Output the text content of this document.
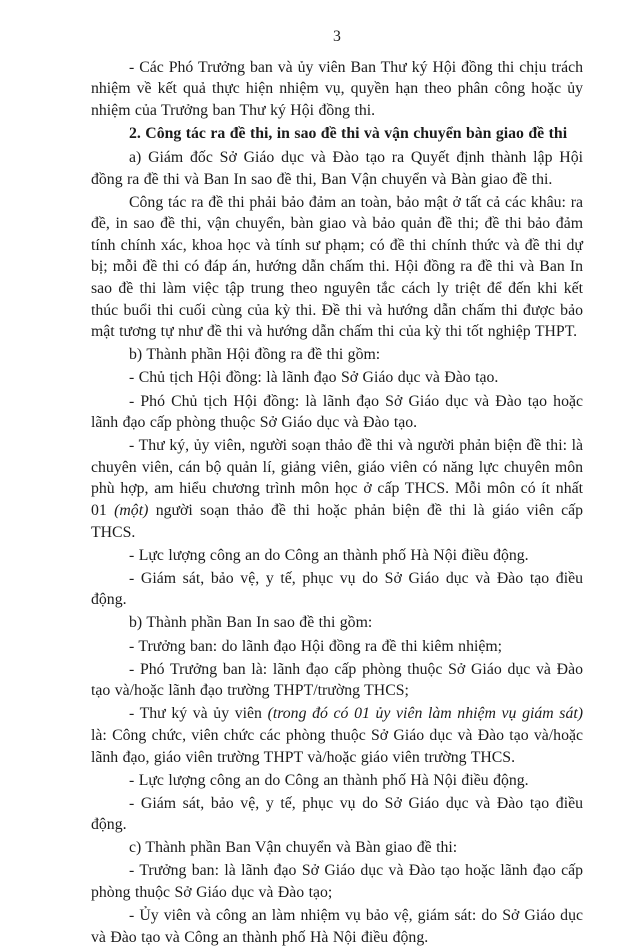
3

- Các Phó Trưởng ban và ủy viên Ban Thư ký Hội đồng thi chịu trách nhiệm về kết quả thực hiện nhiệm vụ, quyền hạn theo phân công hoặc ủy nhiệm của Trưởng ban Thư ký Hội đồng thi.

2. Công tác ra đề thi, in sao đề thi và vận chuyển bàn giao đề thi

a) Giám đốc Sở Giáo dục và Đào tạo ra Quyết định thành lập Hội đồng ra đề thi và Ban In sao đề thi, Ban Vận chuyển và Bàn giao đề thi.

Công tác ra đề thi phải bảo đảm an toàn, bảo mật ở tất cả các khâu: ra đề, in sao đề thi, vận chuyển, bàn giao và bảo quản đề thi; đề thi bảo đảm tính chính xác, khoa học và tính sư phạm; có đề thi chính thức và đề thi dự bị; mỗi đề thi có đáp án, hướng dẫn chấm thi. Hội đồng ra đề thi và Ban In sao đề thi làm việc tập trung theo nguyên tắc cách ly triệt để đến khi kết thúc buổi thi cuối cùng của kỳ thi. Đề thi và hướng dẫn chấm thi được bảo mật tương tự như đề thi và hướng dẫn chấm thi của kỳ thi tốt nghiệp THPT.

b) Thành phần Hội đồng ra đề thi gồm:

- Chủ tịch Hội đồng: là lãnh đạo Sở Giáo dục và Đào tạo.

- Phó Chủ tịch Hội đồng: là lãnh đạo Sở Giáo dục và Đào tạo hoặc lãnh đạo cấp phòng thuộc Sở Giáo dục và Đào tạo.

- Thư ký, ủy viên, người soạn thảo đề thi và người phản biện đề thi: là chuyên viên, cán bộ quản lí, giảng viên, giáo viên có năng lực chuyên môn phù hợp, am hiểu chương trình môn học ở cấp THCS. Mỗi môn có ít nhất 01 (một) người soạn thảo đề thi hoặc phản biện đề thi là giáo viên cấp THCS.

- Lực lượng công an do Công an thành phố Hà Nội điều động.

- Giám sát, bảo vệ, y tế, phục vụ do Sở Giáo dục và Đào tạo điều động.

b) Thành phần Ban In sao đề thi gồm:

- Trưởng ban: do lãnh đạo Hội đồng ra đề thi kiêm nhiệm;

- Phó Trưởng ban là: lãnh đạo cấp phòng thuộc Sở Giáo dục và Đào tạo và/hoặc lãnh đạo trường THPT/trường THCS;

- Thư ký và ủy viên (trong đó có 01 ủy viên làm nhiệm vụ giám sát) là: Công chức, viên chức các phòng thuộc Sở Giáo dục và Đào tạo và/hoặc lãnh đạo, giáo viên trường THPT và/hoặc giáo viên trường THCS.

- Lực lượng công an do Công an thành phố Hà Nội điều động.

- Giám sát, bảo vệ, y tế, phục vụ do Sở Giáo dục và Đào tạo điều động.

c) Thành phần Ban Vận chuyển và Bàn giao đề thi:

- Trưởng ban: là lãnh đạo Sở Giáo dục và Đào tạo hoặc lãnh đạo cấp phòng thuộc Sở Giáo dục và Đào tạo;

- Ủy viên và công an làm nhiệm vụ bảo vệ, giám sát: do Sở Giáo dục và Đào tạo và Công an thành phố Hà Nội điều động.
